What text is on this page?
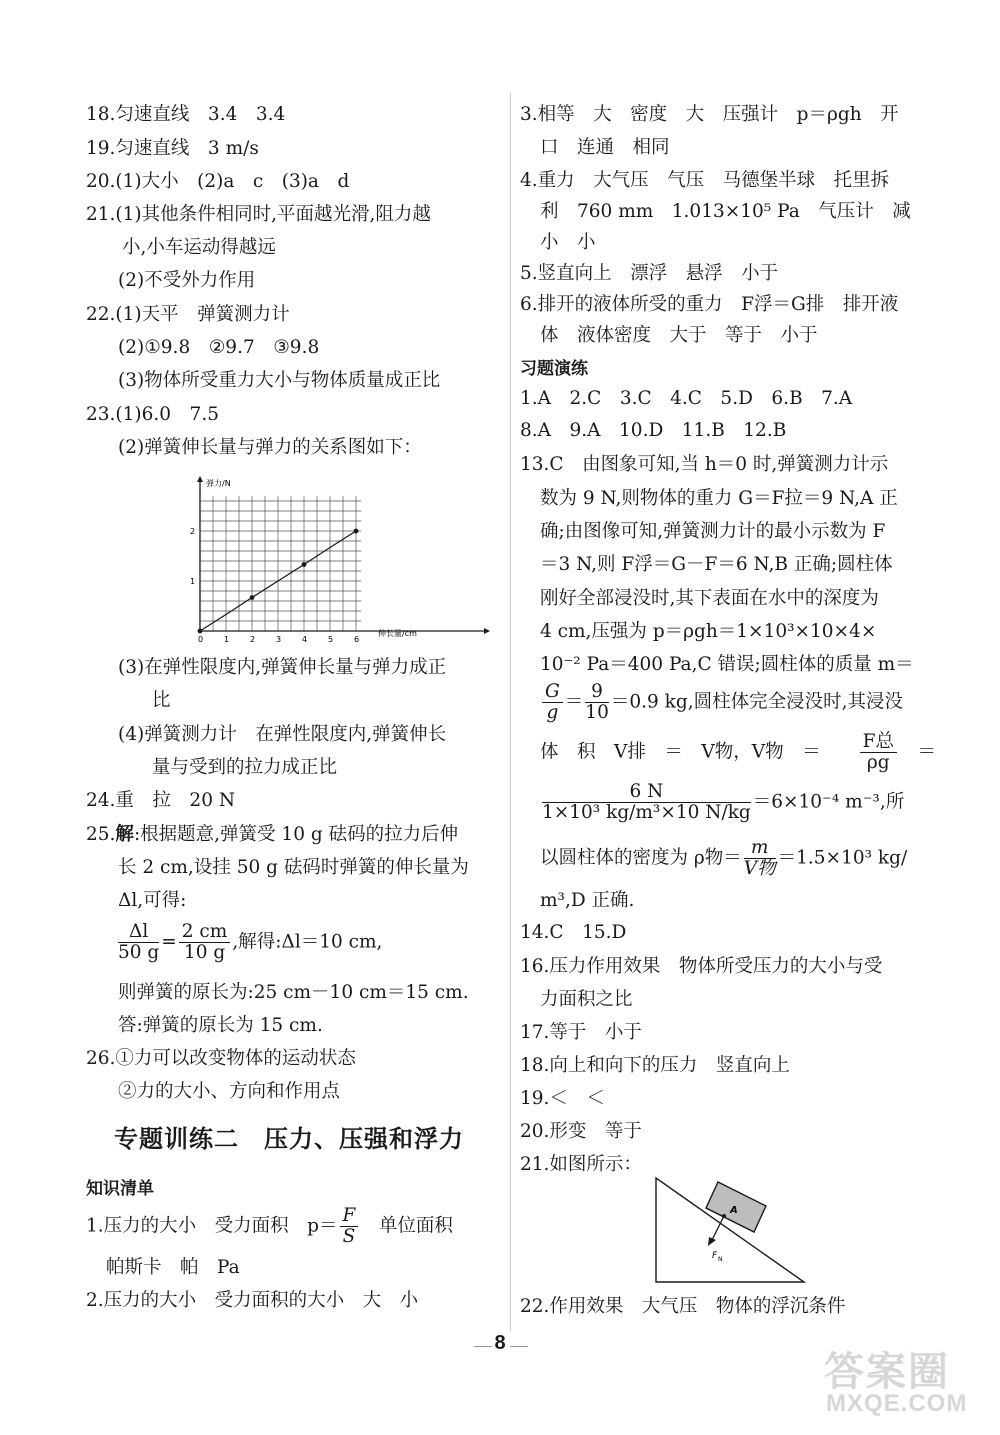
18.匀速直线　3.4　3.4
19.匀速直线　3 m/s
20.(1)大小　(2)a　c　(3)a　d
21.(1)其他条件相同时,平面越光滑,阻力越
小,小车运动得越远
(2)不受外力作用
22.(1)天平　弹簧测力计
(2)①9.8　②9.7　③9.8
(3)物体所受重力大小与物体质量成正比
23.(1)6.0　7.5
(2)弹簧伸长量与弹力的关系图如下：
弹力/N
伸长量/cm
0	1	2	3	4	5	6
1
2
(3)在弹性限度内,弹簧伸长量与弹力成正
比
(4)弹簧测力计　在弹性限度内,弹簧伸长
量与受到的拉力成正比
24.重　拉　20 N
25.解:根据题意,弹簧受 10 g 砝码的拉力后伸
长 2 cm,设挂 50 g 砝码时弹簧的伸长量为
Δl,可得:
$\frac{\Delta l}{50 g} = \frac{2 cm}{10 g}$ ,解得:Δl＝10 cm,
则弹簧的原长为:25 cm－10 cm＝15 cm.
答:弹簧的原长为 15 cm.
26.①力可以改变物体的运动状态
②力的大小、方向和作用点
专题训练二　压力、压强和浮力
知识清单
1.压力的大小　受力面积　$p= \frac{F}{S}$ 　单位面积
帕斯卡　帕　Pa
2.压力的大小　受力面积的大小　大　小
3.相等　大　密度　大　压强计　p＝ρgh　开
口　连通　相同
4.重力　大气压　气压　马德堡半球　托里拆
利　760 mm　1.013×10⁵ Pa　气压计　减
小　小
5.竖直向上　漂浮　悬浮　小于
6.排开的液体所受的重力　F浮＝G排　排开液
体　液体密度　大于　等于　小于
习题演练
1.A　2.C　3.C　4.C　5.D　6.B　7.A
8.A　9.A　10.D　11.B　12.B
13.C　由图象可知,当 h＝0 时,弹簧测力计示
数为 9 N,则物体的重力 G＝F拉＝9 N,A 正
确;由图像可知,弹簧测力计的最小示数为 F
＝3 N,则 F浮＝G－F＝6 N,B 正确;圆柱体
刚好全部浸没时,其下表面在水中的深度为
4 cm,压强为 p＝ρgh＝1×10³×10×4×
10⁻² Pa＝400 Pa,C 错误;圆柱体的质量 m＝
$\frac{G}{g} = \frac{9}{10} =0.9$ kg,圆柱体完全浸没时,其浸没
体　积　V排　＝　V物，V物　＝　　 $\frac{\text{F总}}{\rho g}$
　 ＝
$\frac{6 N}{\text{1×10³ kg/m³×10 N/kg}} =6\times 10^{-4}$ m⁻³,所
以圆柱体的密度为 ρ物＝ $\frac{m}{\text{V物}} =1.5\times 10^3$ kg/
m³,D 正确.
14.C　15.D
16.压力作用效果　物体所受压力的大小与受
力面积之比
17.等于　小于
18.向上和向下的压力　竖直向上
19.＜　＜
20.形变　等于
21.如图所示：
A
F N
22.作用效果　大气压　物体的浮沉条件
8
答案圈
MXQE.COM
